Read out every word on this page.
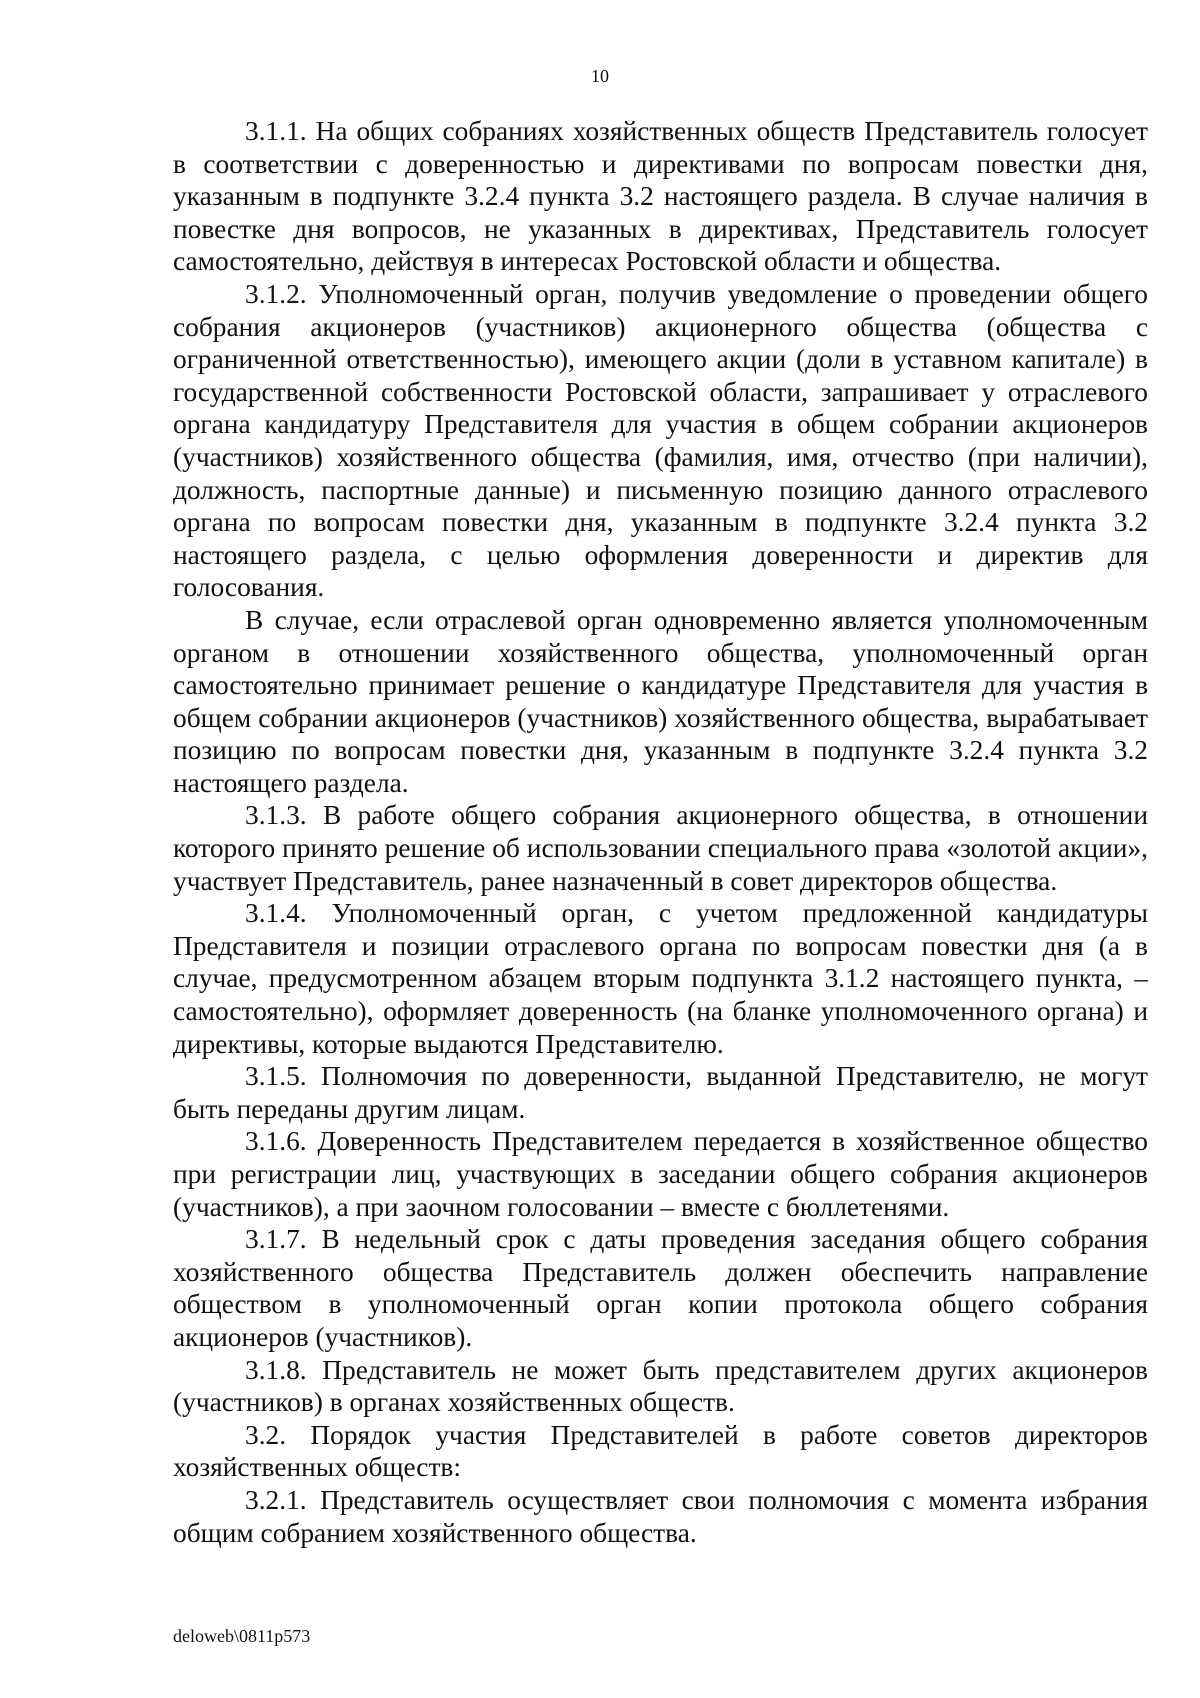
10

3.1.1. На общих собраниях хозяйственных обществ Представитель голосует в соответствии с доверенностью и директивами по вопросам повестки дня, указанным в подпункте 3.2.4 пункта 3.2 настоящего раздела. В случае наличия в повестке дня вопросов, не указанных в директивах, Представитель голосует самостоятельно, действуя в интересах Ростовской области и общества.

3.1.2. Уполномоченный орган, получив уведомление о проведении общего собрания акционеров (участников) акционерного общества (общества с ограниченной ответственностью), имеющего акции (доли в уставном капитале) в государственной собственности Ростовской области, запрашивает у отраслевого органа кандидатуру Представителя для участия в общем собрании акционеров (участников) хозяйственного общества (фамилия, имя, отчество (при наличии), должность, паспортные данные) и письменную позицию данного отраслевого органа по вопросам повестки дня, указанным в подпункте 3.2.4 пункта 3.2 настоящего раздела, с целью оформления доверенности и директив для голосования.

В случае, если отраслевой орган одновременно является уполномоченным органом в отношении хозяйственного общества, уполномоченный орган самостоятельно принимает решение о кандидатуре Представителя для участия в общем собрании акционеров (участников) хозяйственного общества, вырабатывает позицию по вопросам повестки дня, указанным в подпункте 3.2.4 пункта 3.2 настоящего раздела.

3.1.3. В работе общего собрания акционерного общества, в отношении которого принято решение об использовании специального права «золотой акции», участвует Представитель, ранее назначенный в совет директоров общества.

3.1.4. Уполномоченный орган, с учетом предложенной кандидатуры Представителя и позиции отраслевого органа по вопросам повестки дня (а в случае, предусмотренном абзацем вторым подпункта 3.1.2 настоящего пункта, – самостоятельно), оформляет доверенность (на бланке уполномоченного органа) и директивы, которые выдаются Представителю.

3.1.5. Полномочия по доверенности, выданной Представителю, не могут быть переданы другим лицам.

3.1.6. Доверенность Представителем передается в хозяйственное общество при регистрации лиц, участвующих в заседании общего собрания акционеров (участников), а при заочном голосовании – вместе с бюллетенями.

3.1.7. В недельный срок с даты проведения заседания общего собрания хозяйственного общества Представитель должен обеспечить направление обществом в уполномоченный орган копии протокола общего собрания акционеров (участников).

3.1.8. Представитель не может быть представителем других акционеров (участников) в органах хозяйственных обществ.

3.2. Порядок участия Представителей в работе советов директоров хозяйственных обществ:

3.2.1. Представитель осуществляет свои полномочия с момента избрания общим собранием хозяйственного общества.

deloweb\0811p573
